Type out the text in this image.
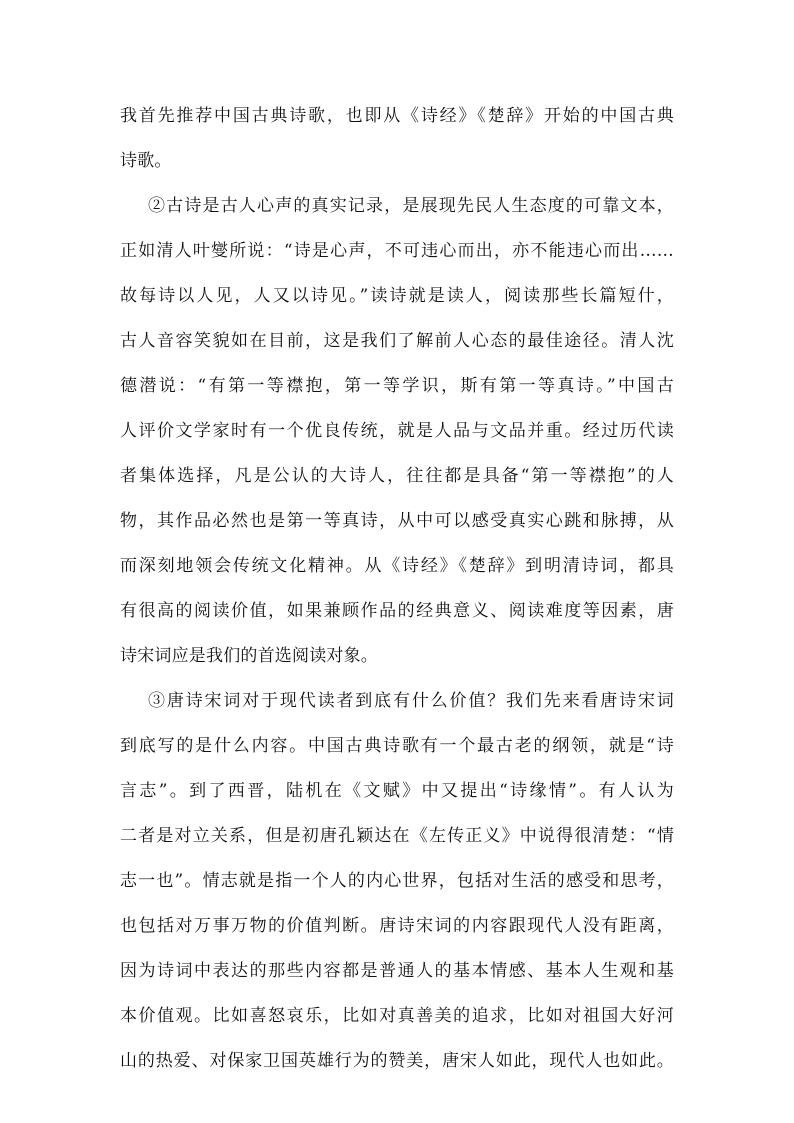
我首先推荐中国古典诗歌，也即从《诗经》《楚辞》开始的中国古典
诗歌。
②古诗是古人心声的真实记录，是展现先民人生态度的可靠文本，
正如清人叶燮所说：“诗是心声，不可违心而出，亦不能违心而出……
故每诗以人见，人又以诗见。”读诗就是读人，阅读那些长篇短什，
古人音容笑貌如在目前，这是我们了解前人心态的最佳途径。清人沈
德潜说：“有第一等襟抱，第一等学识，斯有第一等真诗。”中国古
人评价文学家时有一个优良传统，就是人品与文品并重。经过历代读
者集体选择，凡是公认的大诗人，往往都是具备“第一等襟抱”的人
物，其作品必然也是第一等真诗，从中可以感受真实心跳和脉搏，从
而深刻地领会传统文化精神。从《诗经》《楚辞》到明清诗词，都具
有很高的阅读价值，如果兼顾作品的经典意义、阅读难度等因素，唐
诗宋词应是我们的首选阅读对象。
③唐诗宋词对于现代读者到底有什么价值？我们先来看唐诗宋词
到底写的是什么内容。中国古典诗歌有一个最古老的纲领，就是“诗
言志”。到了西晋，陆机在《文赋》中又提出“诗缘情”。有人认为
二者是对立关系，但是初唐孔颖达在《左传正义》中说得很清楚：“情
志一也”。情志就是指一个人的内心世界，包括对生活的感受和思考，
也包括对万事万物的价值判断。唐诗宋词的内容跟现代人没有距离，
因为诗词中表达的那些内容都是普通人的基本情感、基本人生观和基
本价值观。比如喜怒哀乐，比如对真善美的追求，比如对祖国大好河
山的热爱、对保家卫国英雄行为的赞美，唐宋人如此，现代人也如此。
